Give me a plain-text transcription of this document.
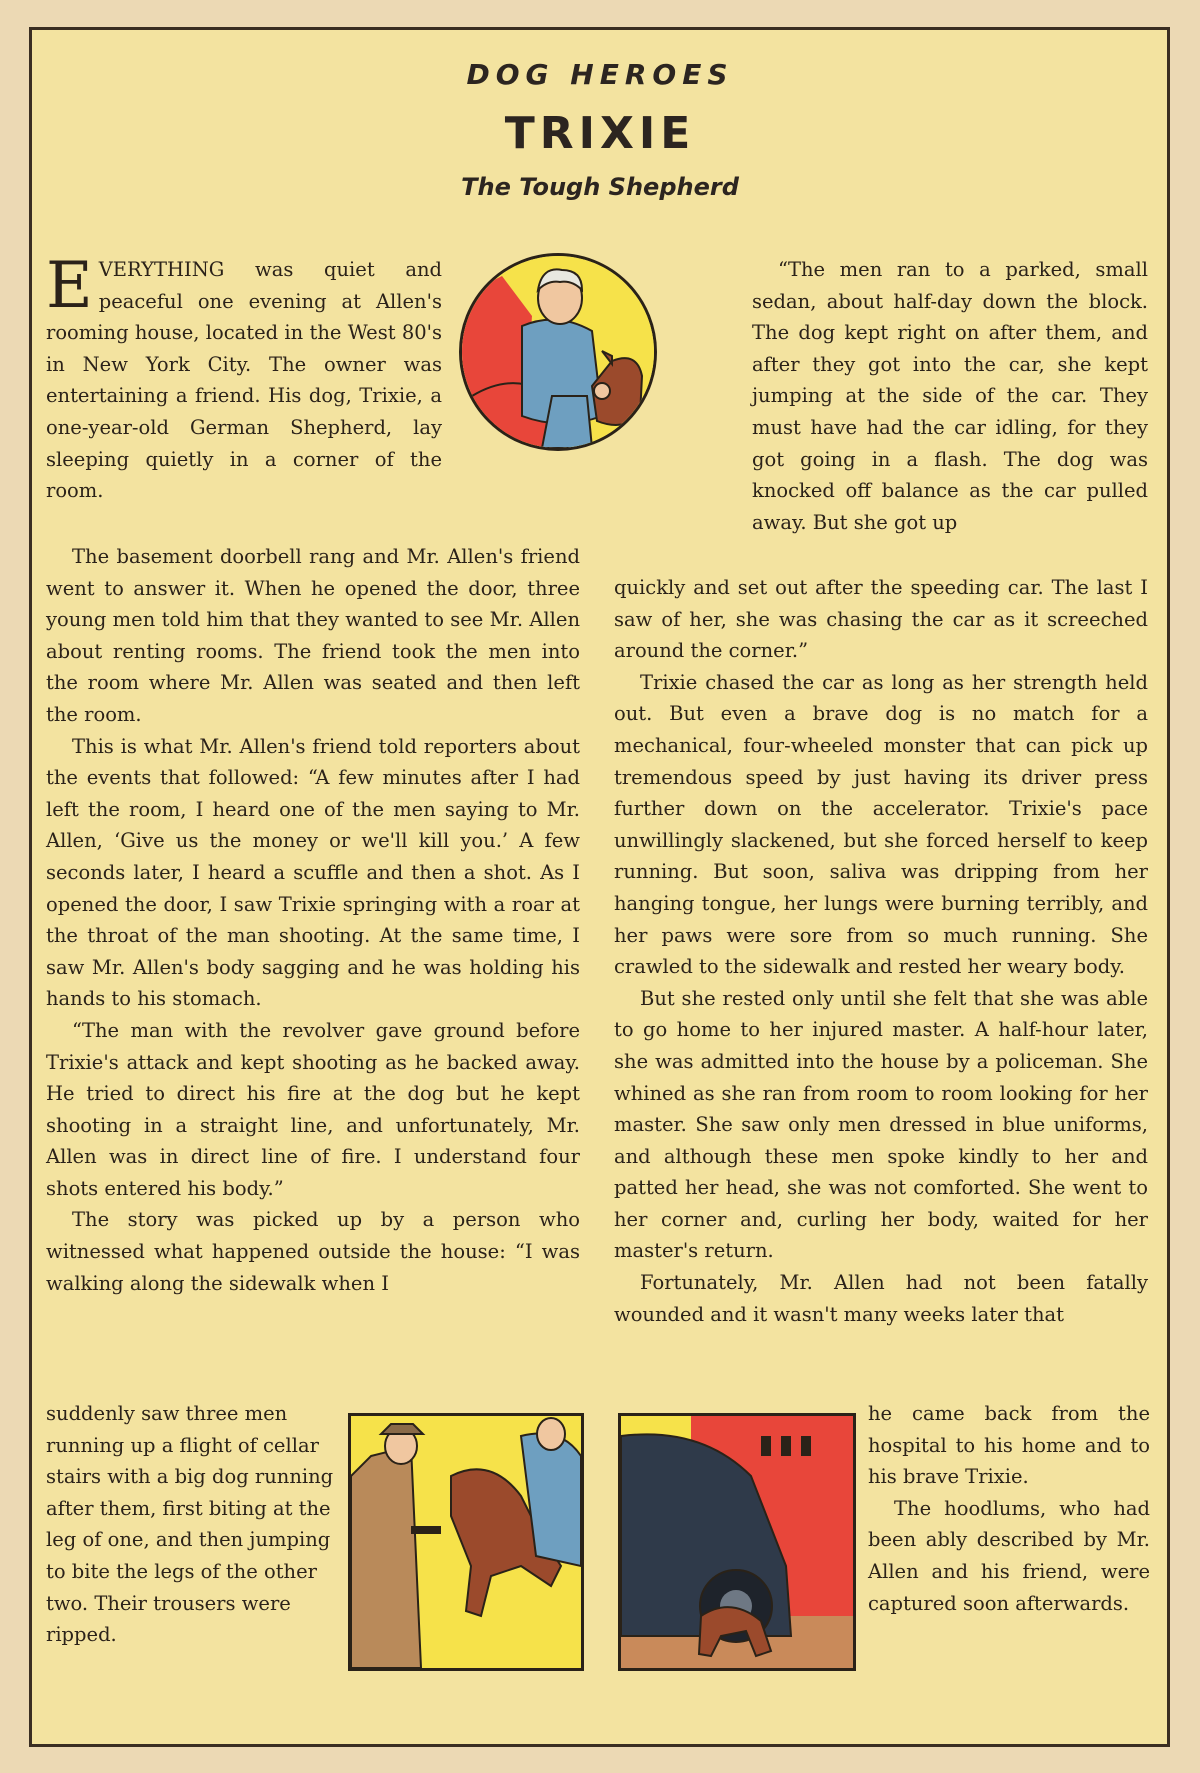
DOG HEROES
TRIXIE
The Tough Shepherd

EVERYTHING was quiet and peaceful one evening at Allen's rooming house, located in the West 80's in New York City. The owner was entertaining a friend. His dog, Trixie, a one-year-old German Shepherd, lay sleeping quietly in a corner of the room.

The basement doorbell rang and Mr. Allen's friend went to answer it. When he opened the door, three young men told him that they wanted to see Mr. Allen about renting rooms. The friend took the men into the room where Mr. Allen was seated and then left the room.

This is what Mr. Allen's friend told reporters about the events that followed: “A few minutes after I had left the room, I heard one of the men saying to Mr. Allen, ‘Give us the money or we'll kill you.’ A few seconds later, I heard a scuffle and then a shot. As I opened the door, I saw Trixie springing with a roar at the throat of the man shooting. At the same time, I saw Mr. Allen's body sagging and he was holding his hands to his stomach.

“The man with the revolver gave ground before Trixie's attack and kept shooting as he backed away. He tried to direct his fire at the dog but he kept shooting in a straight line, and unfortunately, Mr. Allen was in direct line of fire. I understand four shots entered his body.”

The story was picked up by a person who witnessed what happened outside the house: “I was walking along the sidewalk when I

suddenly saw three men running up a flight of cellar stairs with a big dog running after them, first biting at the leg of one, and then jumping to bite the legs of the other two. Their trousers were ripped.

“The men ran to a parked, small sedan, about half-day down the block. The dog kept right on after them, and after they got into the car, she kept jumping at the side of the car. They must have had the car idling, for they got going in a flash. The dog was knocked off balance as the car pulled away. But she got up

quickly and set out after the speeding car. The last I saw of her, she was chasing the car as it screeched around the corner.”

Trixie chased the car as long as her strength held out. But even a brave dog is no match for a mechanical, four-wheeled monster that can pick up tremendous speed by just having its driver press further down on the accelerator. Trixie's pace unwillingly slackened, but she forced herself to keep running. But soon, saliva was dripping from her hanging tongue, her lungs were burning terribly, and her paws were sore from so much running. She crawled to the sidewalk and rested her weary body.

But she rested only until she felt that she was able to go home to her injured master. A half-hour later, she was admitted into the house by a policeman. She whined as she ran from room to room looking for her master. She saw only men dressed in blue uniforms, and although these men spoke kindly to her and patted her head, she was not comforted. She went to her corner and, curling her body, waited for her master's return.

Fortunately, Mr. Allen had not been fatally wounded and it wasn't many weeks later that

he came back from the hospital to his home and to his brave Trixie.

The hoodlums, who had been ably described by Mr. Allen and his friend, were captured soon afterwards.
